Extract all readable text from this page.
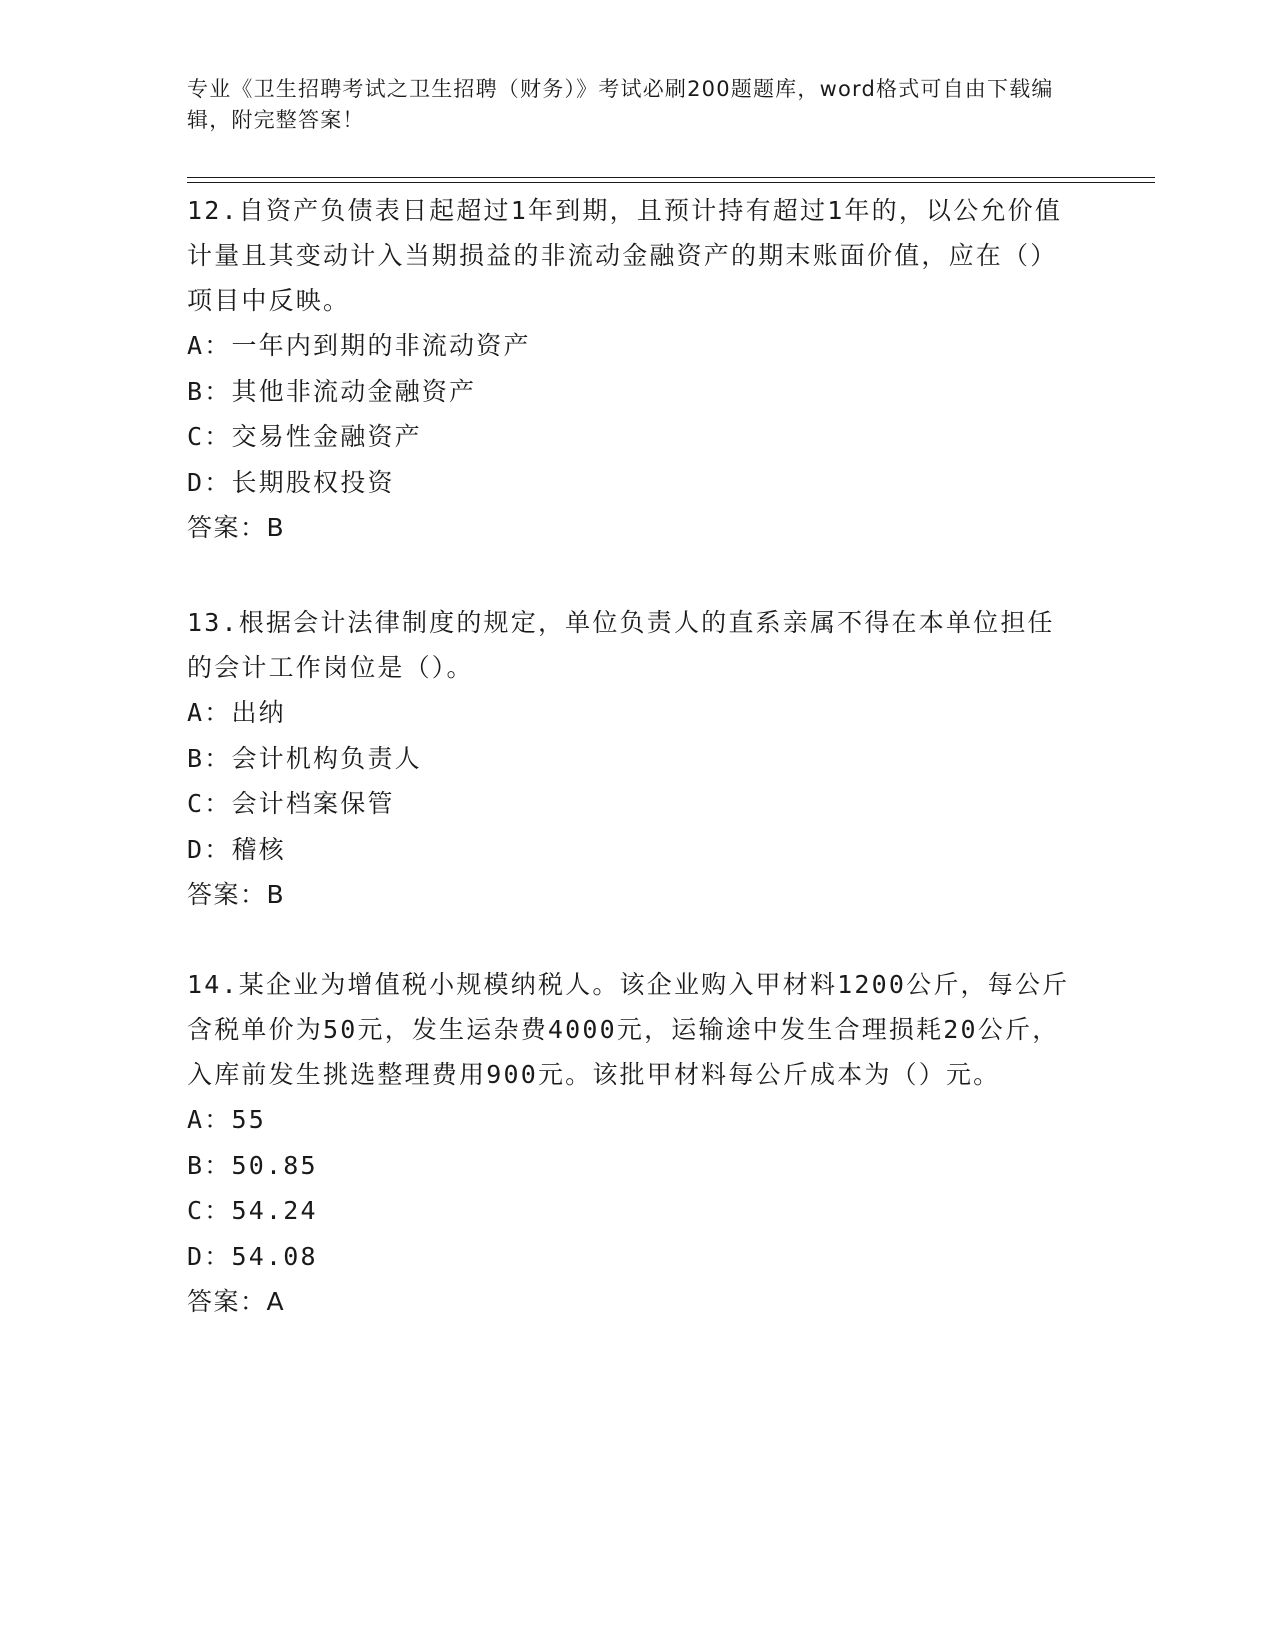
专业《卫生招聘考试之卫生招聘（财务）》考试必刷200题题库，word格式可自由下载编辑，附完整答案！

12.自资产负债表日起超过1年到期，且预计持有超过1年的，以公允价值计量且其变动计入当期损益的非流动金融资产的期末账面价值，应在（）项目中反映。

A：一年内到期的非流动资产

B：其他非流动金融资产

C：交易性金融资产

D：长期股权投资

答案：B

13.根据会计法律制度的规定，单位负责人的直系亲属不得在本单位担任的会计工作岗位是（）。

A：出纳

B：会计机构负责人

C：会计档案保管

D：稽核

答案：B

14.某企业为增值税小规模纳税人。该企业购入甲材料1200公斤，每公斤含税单价为50元，发生运杂费4000元，运输途中发生合理损耗20公斤，入库前发生挑选整理费用900元。该批甲材料每公斤成本为（）元。

A：55

B：50.85

C：54.24

D：54.08

答案：A
